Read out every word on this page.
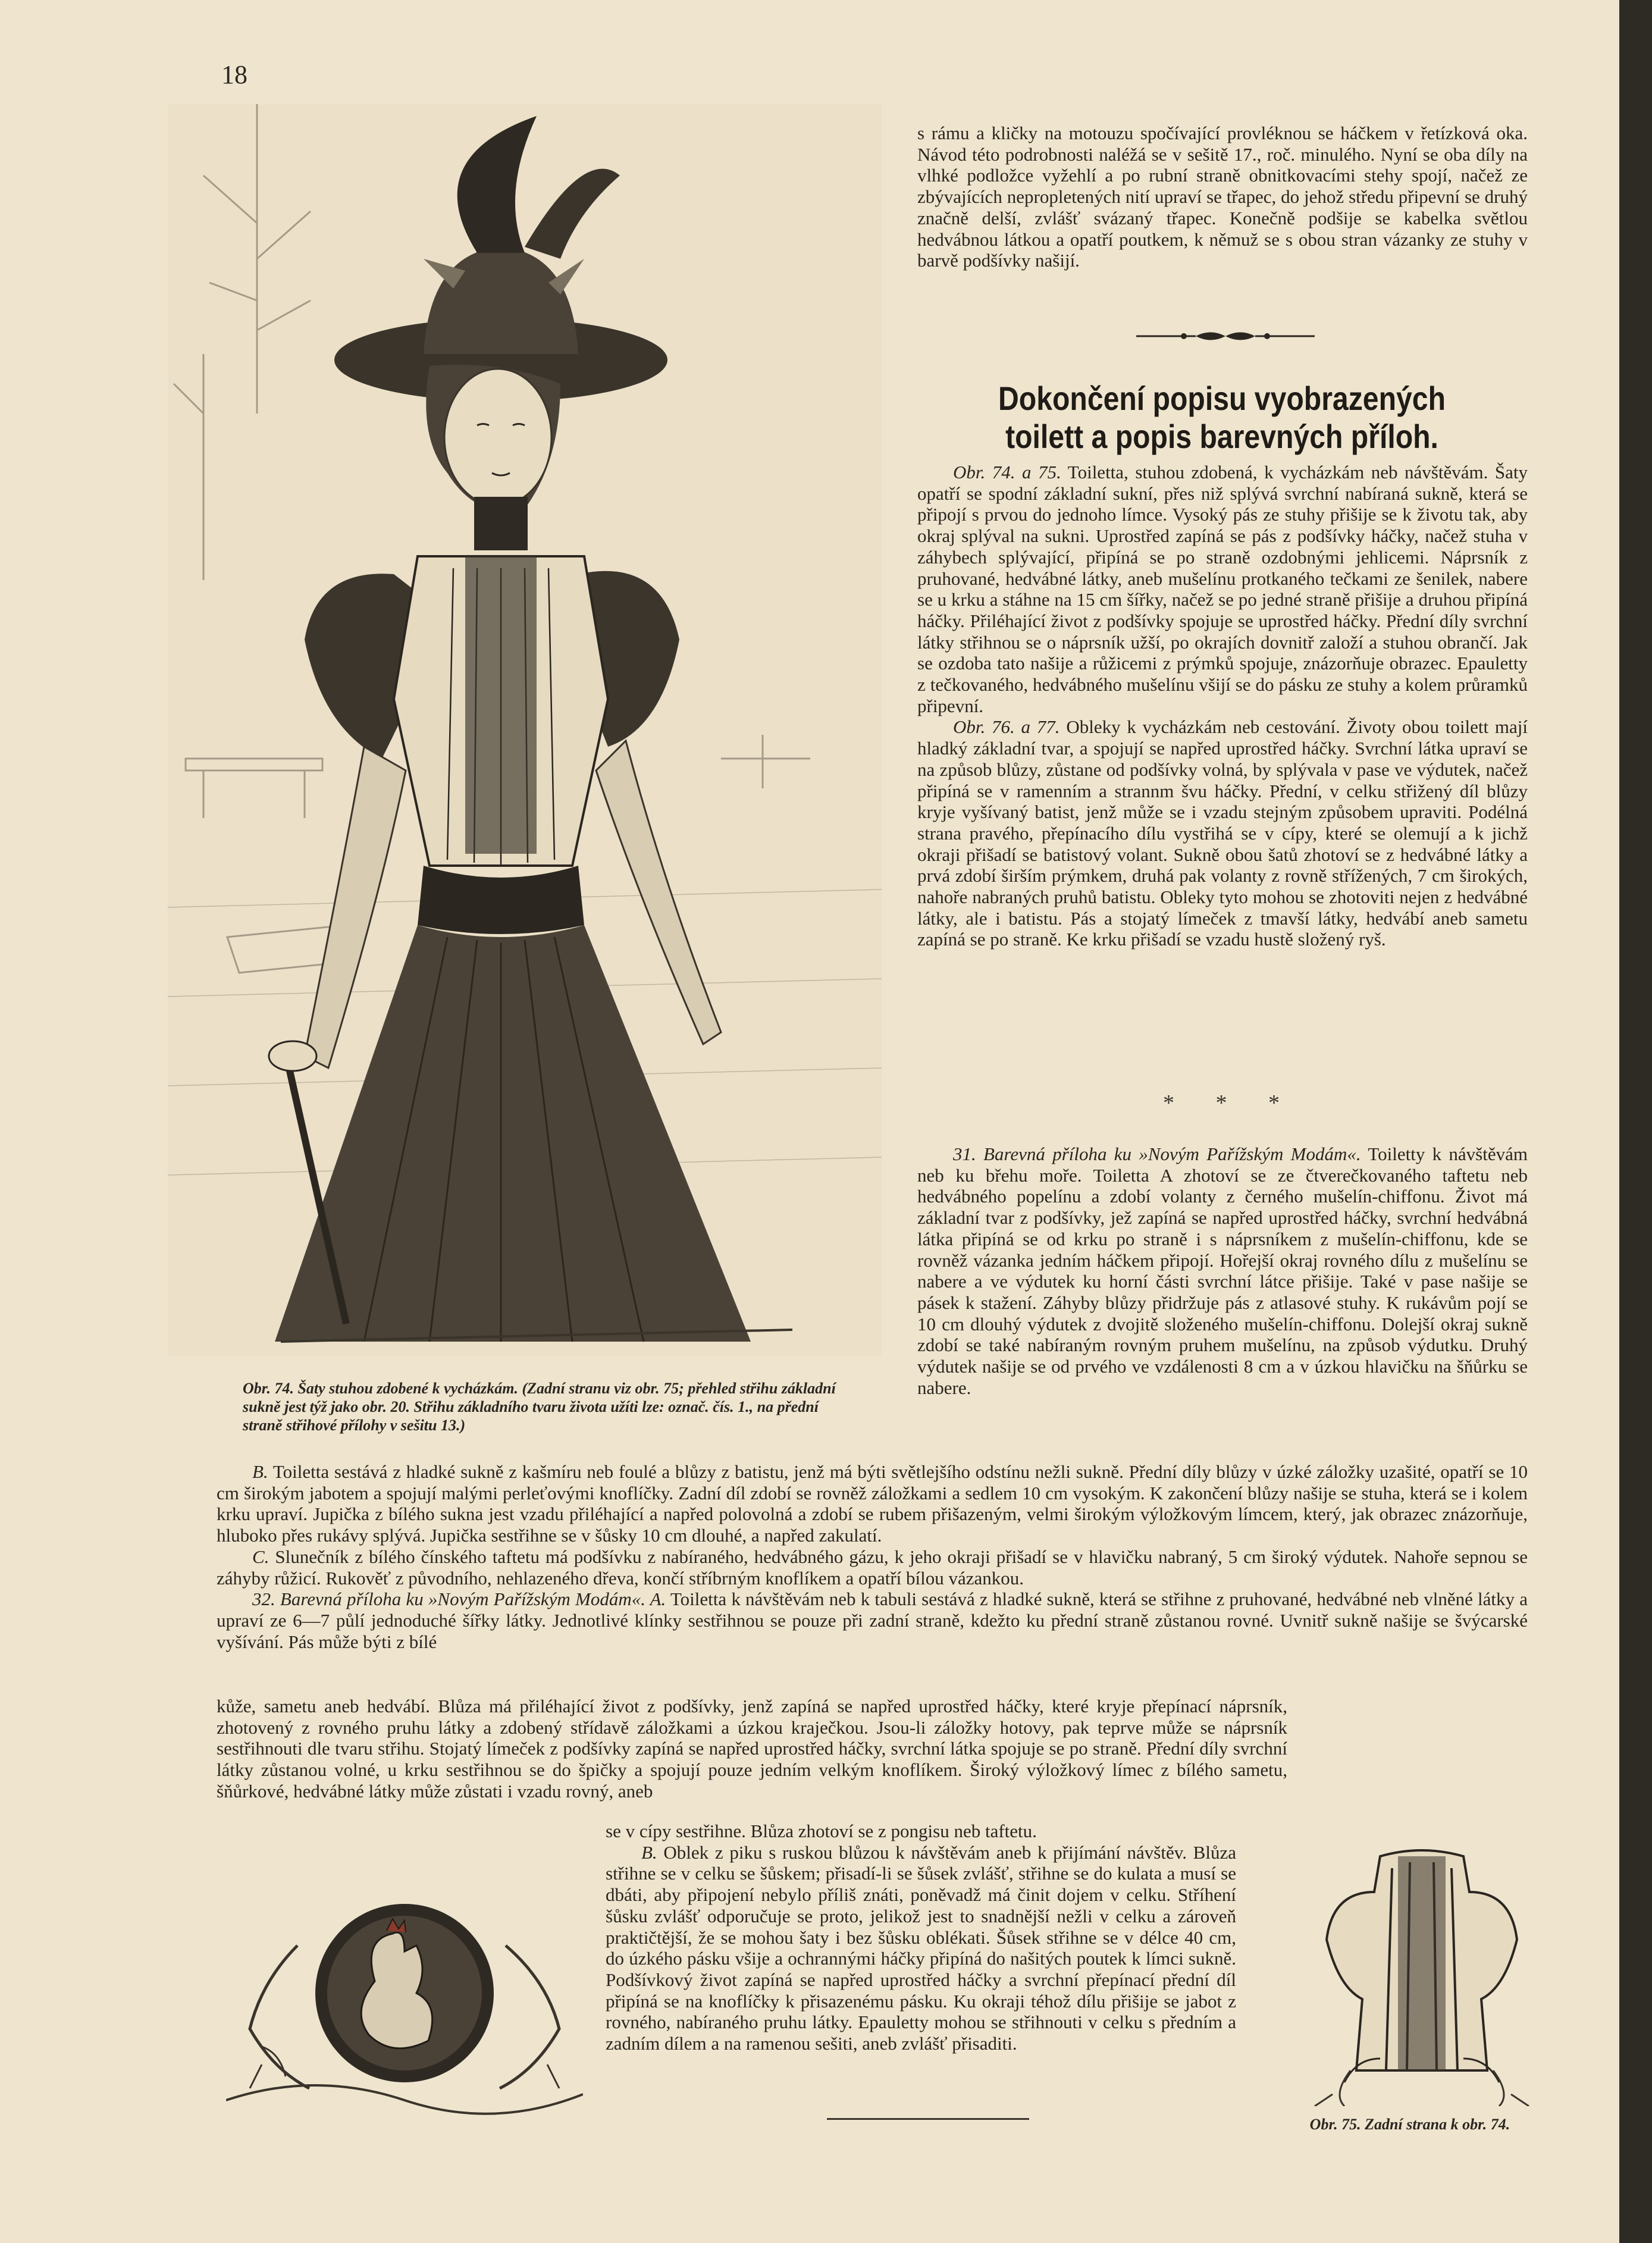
18

Obr. 74. Šaty stuhou zdobené k vycházkám. (Zadní stranu viz obr. 75; přehled střihu základní sukně jest týž jako obr. 20. Střihu základního tvaru života užíti lze: označ. čís. 1., na přední straně střihové přílohy v sešitu 13.)

s rámu a kličky na motouzu spočívající provléknou se háčkem v řetízková oka. Návod této podrobnosti naléžá se v sešitě 17., roč. minulého. Nyní se oba díly na vlhké podložce vyžehlí a po rubní straně obnitkovacími stehy spojí, načež ze zbývajících nepropletených nití upraví se třapec, do jehož středu připevní se druhý značně delší, zvlášť svázaný třapec. Konečně podšije se kabelka světlou hedvábnou látkou a opatří poutkem, k němuž se s obou stran vázanky ze stuhy v barvě podšívky našijí.

Dokončení popisu vyobrazených toilett a popis barevných příloh.

Obr. 74. a 75. Toiletta, stuhou zdobená, k vycházkám neb návštěvám. Šaty opatří se spodní základní sukní, přes niž splývá svrchní nabíraná sukně, která se připojí s prvou do jednoho límce. Vysoký pás ze stuhy přišije se k životu tak, aby okraj splýval na sukni. Uprostřed zapíná se pás z podšívky háčky, načež stuha v záhybech splývající, připíná se po straně ozdobnými jehlicemi. Náprsník z pruhované, hedvábné látky, aneb mušelínu protkaného tečkami ze šenilek, nabere se u krku a stáhne na 15 cm šířky, načež se po jedné straně přišije a druhou připíná háčky. Přiléhající život z podšívky spojuje se uprostřed háčky. Přední díly svrchní látky střihnou se o náprsník užší, po okrajích dovnitř založí a stuhou obrančí. Jak se ozdoba tato našije a růžicemi z prýmků spojuje, znázorňuje obrazec. Epauletty z tečkovaného, hedvábného mušelínu všijí se do pásku ze stuhy a kolem průramků připevní.

Obr. 76. a 77. Obleky k vycházkám neb cestování. Životy obou toilett mají hladký základní tvar, a spojují se napřed uprostřed háčky. Svrchní látka upraví se na způsob blůzy, zůstane od podšívky volná, by splývala v pase ve výdutek, načež připíná se v ramenním a strannm švu háčky. Přední, v celku střižený díl blůzy kryje vyšívaný batist, jenž může se i vzadu stejným způsobem upraviti. Podélná strana pravého, přepínacího dílu vystřihá se v cípy, které se olemují a k jichž okraji přišadí se batistový volant. Sukně obou šatů zhotoví se z hedvábné látky a prvá zdobí širším prýmkem, druhá pak volanty z rovně střížených, 7 cm širokých, nahoře nabraných pruhů batistu. Obleky tyto mohou se zhotoviti nejen z hedvábné látky, ale i batistu. Pás a stojatý límeček z tmavší látky, hedvábí aneb sametu zapíná se po straně. Ke krku přišadí se vzadu hustě složený ryš.

* * *

31. Barevná příloha ku »Novým Pařížským Modám«. Toiletty k návštěvám neb ku břehu moře. Toiletta A zhotoví se ze čtverečkovaného taftetu neb hedvábného popelínu a zdobí volanty z černého mušelín-chiffonu. Život má základní tvar z podšívky, jež zapíná se napřed uprostřed háčky, svrchní hedvábná látka připíná se od krku po straně i s náprsníkem z mušelín-chiffonu, kde se rovněž vázanka jedním háčkem připojí. Hořejší okraj rovného dílu z mušelínu se nabere a ve výdutek ku horní části svrchní látce přišije. Také v pase našije se pásek k stažení. Záhyby blůzy přidržuje pás z atlasové stuhy. K rukávům pojí se 10 cm dlouhý výdutek z dvojitě složeného mušelín-chiffonu. Dolejší okraj sukně zdobí se také nabíraným rovným pruhem mušelínu, na způsob výdutku. Druhý výdutek našije se od prvého ve vzdálenosti 8 cm a v úzkou hlavičku na šňůrku se nabere.

B. Toiletta sestává z hladké sukně z kašmíru neb foulé a blůzy z batistu, jenž má býti světlejšího odstínu nežli sukně. Přední díly blůzy v úzké záložky uzašité, opatří se 10 cm širokým jabotem a spojují malými perleťovými knoflíčky. Zadní díl zdobí se rovněž záložkami a sedlem 10 cm vysokým. K zakončení blůzy našije se stuha, která se i kolem krku upraví. Jupička z bílého sukna jest vzadu přiléhající a napřed polovolná a zdobí se rubem přišazeným, velmi širokým výložkovým límcem, který, jak obrazec znázorňuje, hluboko přes rukávy splývá. Jupička sestřihne se v šůsky 10 cm dlouhé, a napřed zakulatí.

C. Slunečník z bílého čínského taftetu má podšívku z nabíraného, hedvábného gázu, k jeho okraji přišadí se v hlavičku nabraný, 5 cm široký výdutek. Nahoře sepnou se záhyby růžicí. Rukověť z původního, nehlazeného dřeva, končí stříbrným knoflíkem a opatří bílou vázankou.

32. Barevná příloha ku »Novým Pařížským Modám«. A. Toiletta k návštěvám neb k tabuli sestává z hladké sukně, která se střihne z pruhované, hedvábné neb vlněné látky a upraví ze 6—7 půlí jednoduché šířky látky. Jednotlivé klínky sestřihnou se pouze při zadní straně, kdežto ku přední straně zůstanou rovné. Uvnitř sukně našije se švýcarské vyšívání. Pás může býti z bílé

kůže, sametu aneb hedvábí. Blůza má přiléhající život z podšívky, jenž zapíná se napřed uprostřed háčky, které kryje přepínací náprsník, zhotovený z rovného pruhu látky a zdobený střídavě záložkami a úzkou kraječkou. Jsou-li záložky hotovy, pak teprve může se náprsník sestřihnouti dle tvaru střihu. Stojatý límeček z podšívky zapíná se napřed uprostřed háčky, svrchní látka spojuje se po straně. Přední díly svrchní látky zůstanou volné, u krku sestřihnou se do špičky a spojují pouze jedním velkým knoflíkem. Široký výložkový límec z bílého sametu, šňůrkové, hedvábné látky může zůstati i vzadu rovný, aneb

se v cípy sestřihne. Blůza zhotoví se z pongisu neb taftetu.

B. Oblek z piku s ruskou blůzou k návštěvám aneb k přijímání návštěv. Blůza střihne se v celku se šůskem; přisadí-li se šůsek zvlášť, střihne se do kulata a musí se dbáti, aby připojení nebylo příliš znáti, poněvadž má činit dojem v celku. Stříhení šůsku zvlášť odporučuje se proto, jelikož jest to snadnější nežli v celku a zároveň praktičtější, že se mohou šaty i bez šůsku oblékati. Šůsek střihne se v délce 40 cm, do úzkého pásku všije a ochrannými háčky připíná do našitých poutek k límci sukně. Podšívkový život zapíná se napřed uprostřed háčky a svrchní přepínací přední díl připíná se na knoflíčky k přisazenému pásku. Ku okraji téhož dílu přišije se jabot z rovného, nabíraného pruhu látky. Epauletty mohou se střihnouti v celku s předním a zadním dílem a na ramenou sešiti, aneb zvlášť přisaditi.

Obr. 75. Zadní strana k obr. 74.
